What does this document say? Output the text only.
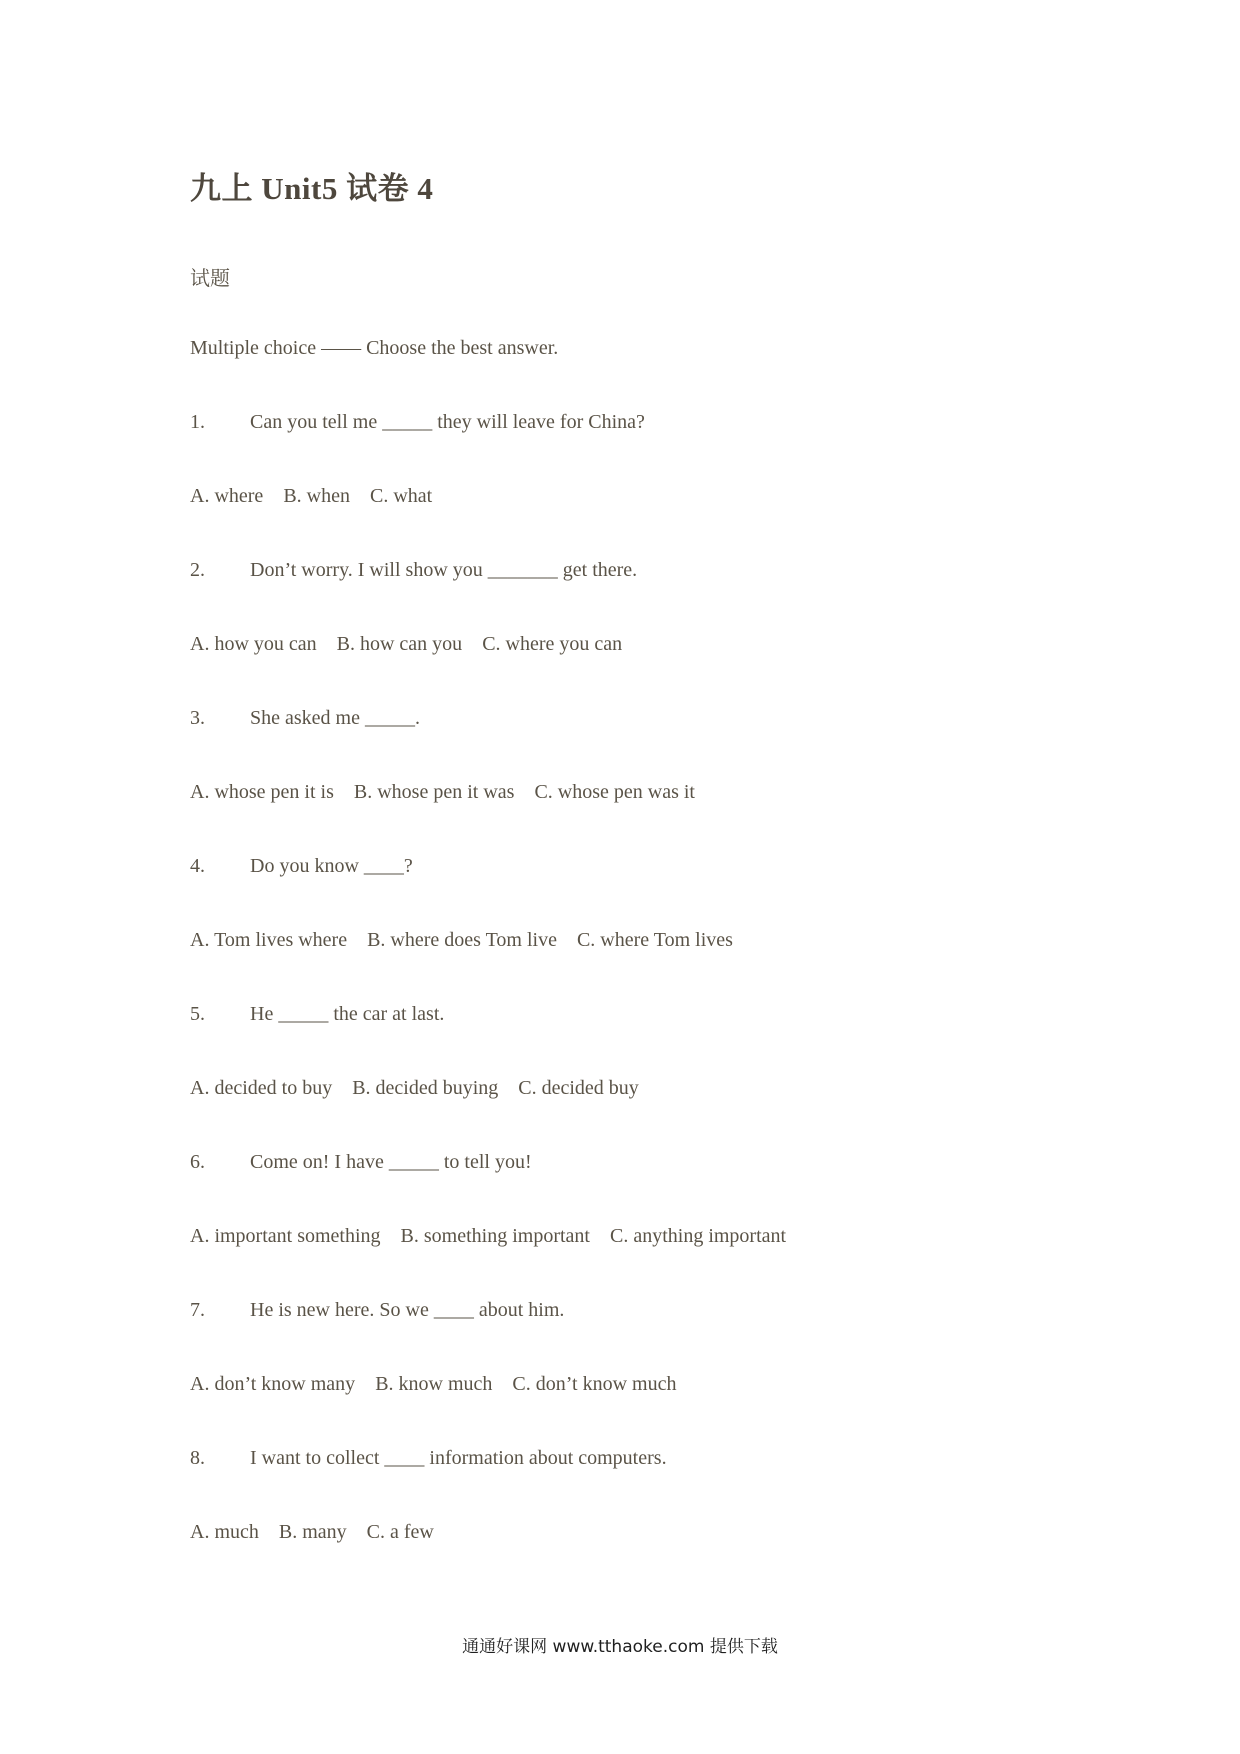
九上 Unit5 试卷 4
试题
Multiple choice —— Choose the best answer.
1.	Can you tell me _____ they will leave for China?
A. where B. when C. what
2.	Don’t worry. I will show you _______ get there.
A. how you can B. how can you C. where you can
3.	She asked me _____.
A. whose pen it is B. whose pen it was C. whose pen was it
4.	Do you know ____?
A. Tom lives where B. where does Tom live C. where Tom lives
5.	He _____ the car at last.
A. decided to buy B. decided buying C. decided buy
6.	Come on! I have _____ to tell you!
A. important something B. something important C. anything important
7.	He is new here. So we ____ about him.
A. don’t know many B. know much C. don’t know much
8.	I want to collect ____ information about computers.
A. much B. many C. a few
通通好课网 www.tthaoke.com 提供下载
